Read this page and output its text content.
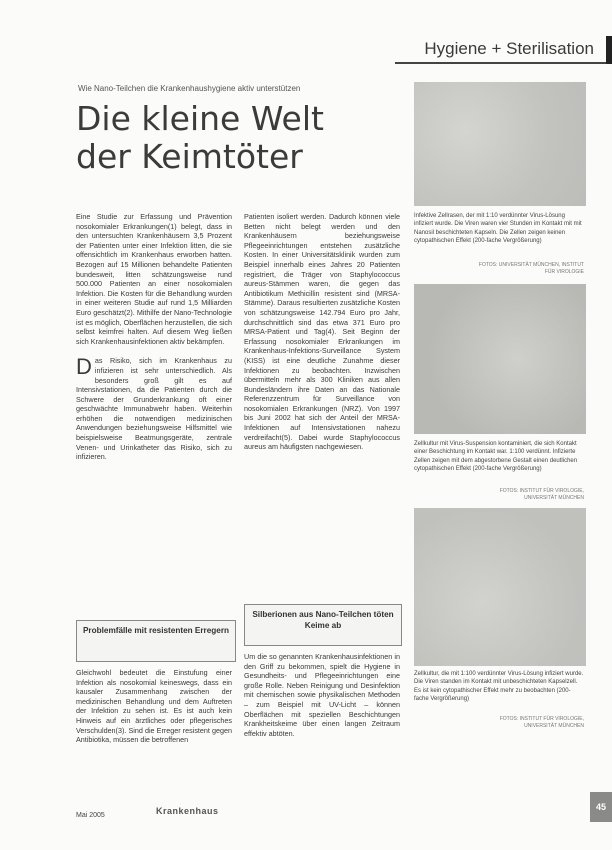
Hygiene + Sterilisation
Wie Nano-Teilchen die Krankenhaushygiene aktiv unterstützen
Die kleine Welt
der Keimtöter

Eine Studie zur Erfassung und Prävention nosokomialer Erkrankungen(1) belegt, dass in den untersuchten Krankenhäusern 3,5 Prozent der Patienten unter einer Infektion litten, die sie offensichtlich im Krankenhaus erworben hatten. Bezogen auf 15 Millionen behandelte Patienten bundesweit, litten schätzungsweise rund 500.000 Patienten an einer nosokomialen Infektion. Die Kosten für die Behandlung wurden in einer weiteren Studie auf rund 1,5 Milliarden Euro geschätzt(2). Mithilfe der Nano-Technologie ist es möglich, Oberflächen herzustellen, die sich selbst keimfrei halten. Auf diesem Weg ließen sich Krankenhausinfektionen aktiv bekämpfen.

Das Risiko, sich im Krankenhaus zu infizieren ist sehr unterschiedlich. Als besonders groß gilt es auf Intensivstationen, da die Patienten durch die Schwere der Grunderkrankung oft einer geschwächte Immunabwehr haben. Weiterhin erhöhen die notwendigen medizinischen Anwendungen beziehungsweise Hilfsmittel wie beispielsweise Beatmungsgeräte, zentrale Venen- und Urinkatheter das Risiko, sich zu infizieren.

Problemfälle mit resistenten Erregern

Gleichwohl bedeutet die Einstufung einer Infektion als nosokomial keineswegs, dass ein kausaler Zusammenhang zwischen der medizinischen Behandlung und dem Auftreten der Infektion zu sehen ist. Es ist auch kein Hinweis auf ein ärztliches oder pflegerisches Verschulden(3). Sind die Erreger resistent gegen Antibiotika, müssen die betroffenen

Patienten isoliert werden. Dadurch können viele Betten nicht belegt werden und den Krankenhäusern beziehungsweise Pflegeeinrichtungen entstehen zusätzliche Kosten. In einer Universitätsklinik wurden zum Beispiel innerhalb eines Jahres 20 Patienten registriert, die Träger von Staphylococcus aureus-Stämmen waren, die gegen das Antibiotikum Methicillin resistent sind (MRSA-Stämme). Daraus resultierten zusätzliche Kosten von schätzungsweise 142.794 Euro pro Jahr, durchschnittlich sind das etwa 371 Euro pro MRSA-Patient und Tag(4). Seit Beginn der Erfassung nosokomialer Erkrankungen im Krankenhaus-Infektions-Surveillance System (KISS) ist eine deutliche Zunahme dieser Infektionen zu beobachten. Inzwischen übermitteln mehr als 300 Kliniken aus allen Bundesländern ihre Daten an das Nationale Referenzzentrum für Surveillance von nosokomialen Erkrankungen (NRZ). Von 1997 bis Juni 2002 hat sich der Anteil der MRSA-Infektionen auf Intensivstationen nahezu verdreifacht(5). Dabei wurde Staphylococcus aureus am häufigsten nachgewiesen.

Silberionen aus Nano-Teilchen töten Keime ab

Um die so genannten Krankenhausinfektionen in den Griff zu bekommen, spielt die Hygiene in Gesundheits- und Pflegeeinrichtungen eine große Rolle. Neben Reinigung und Desinfektion mit chemischen sowie physikalischen Methoden – zum Beispiel mit UV-Licht – können Oberflächen mit speziellen Beschichtungen Krankheitskeime über einen langen Zeitraum effektiv abtöten.

Infektive Zellrasen, der mit 1:10 verdünnter Virus-Lösung infiziert wurde. Die Viren waren vier Stunden im Kontakt mit mit Nanosil beschichteten Kapseln. Die Zellen zeigen keinen cytopathischen Effekt (200-fache Vergrößerung)
FOTOS: UNIVERSITÄT MÜNCHEN, INSTITUT FÜR VIROLOGIE
Zellkultur mit Virus-Suspension kontaminiert, die sich Kontakt einer Beschichtung im Kontakt war. 1:100 verdünnt. Infizierte Zellen zeigen mit dem abgestorbene Gestalt einen deutlichen cytopathischen Effekt (200-fache Vergrößerung)
FOTOS: INSTITUT FÜR VIROLOGIE, UNIVERSITÄT MÜNCHEN
Zellkultur, die mit 1:100 verdünnter Virus-Lösung infiziert wurde. Die Viren standen im Kontakt mit unbeschichteten Kapselzell. Es ist kein cytopathischer Effekt mehr zu beobachten (200-fache Vergrößerung)
FOTOS: INSTITUT FÜR VIROLOGIE, UNIVERSITÄT MÜNCHEN
Mai 2005	Krankenhaus	45
